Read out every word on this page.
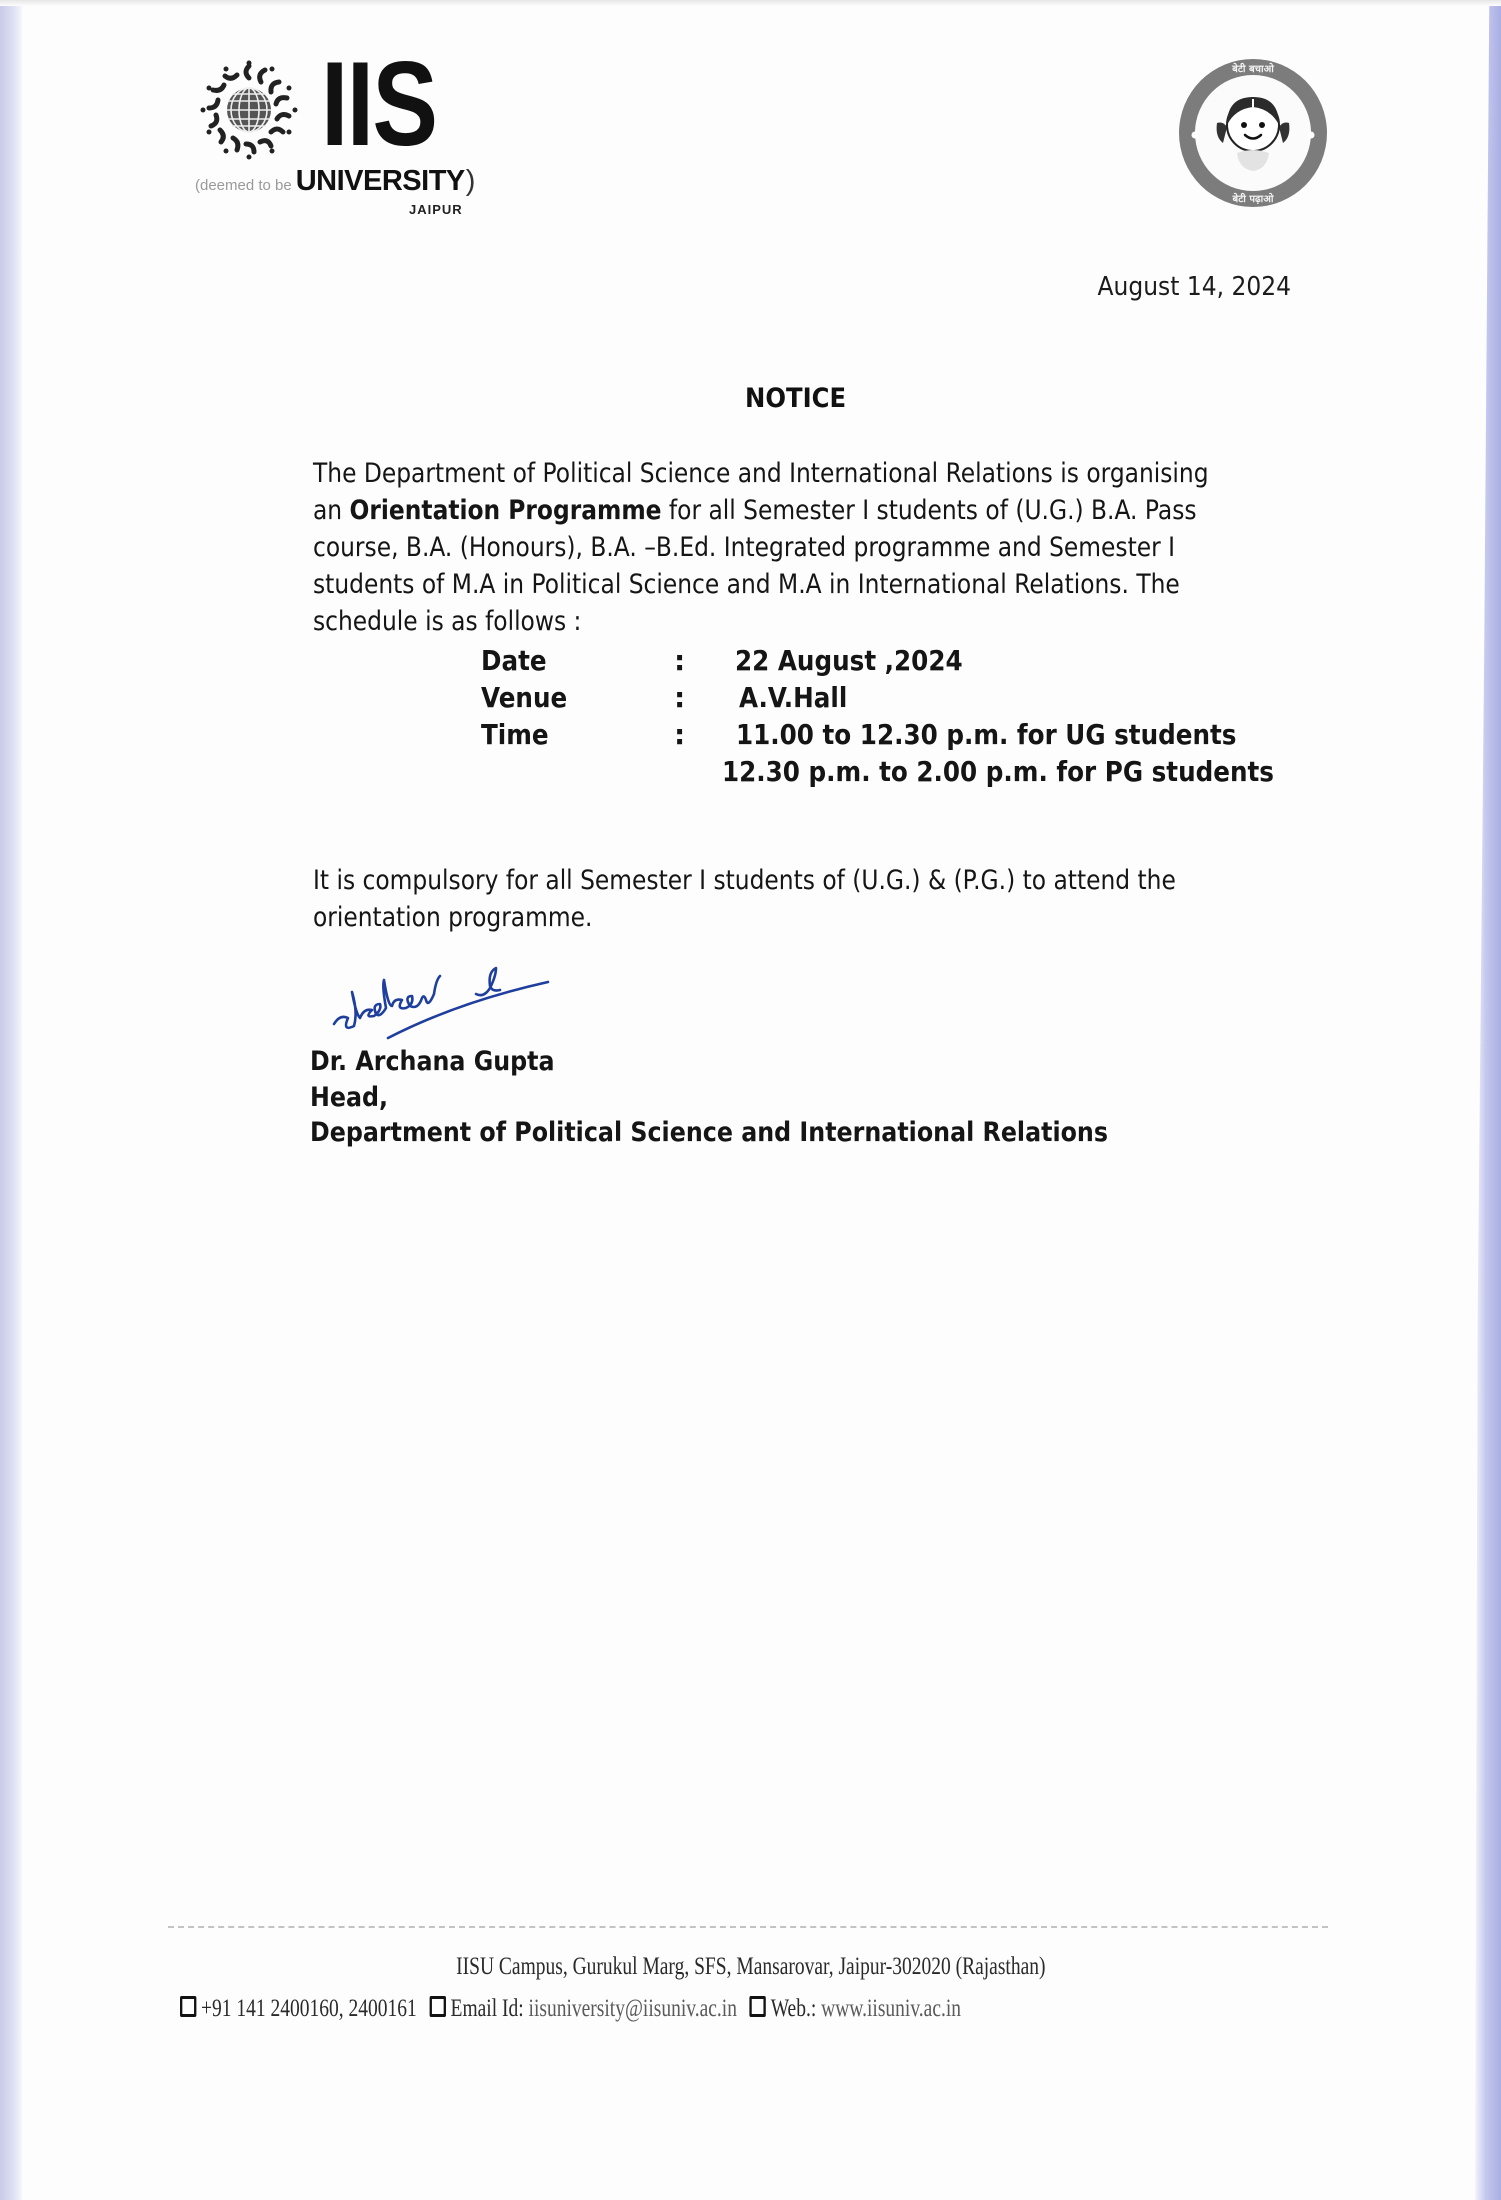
IIS
(deemed to be UNIVERSITY )
JAIPUR
बेटी बचाओ
बेटी पढ़ाओ
August 14, 2024
NOTICE
The Department of Political Science and International Relations is organising
an Orientation Programme for all Semester I students of (U.G.) B.A. Pass
course, B.A. (Honours), B.A. –B.Ed. Integrated programme and Semester I
students of M.A in Political Science and M.A in International Relations. The
schedule is as follows :
Date	: 22 August ,2024
Venue	: A.V.Hall
Time	: 11.00 to 12.30 p.m. for UG students
12.30 p.m. to 2.00 p.m. for PG students
It is compulsory for all Semester I students of (U.G.) & (P.G.) to attend the
orientation programme.
Dr. Archana Gupta
Head,
Department of Political Science and International Relations
IISU Campus, Gurukul Marg, SFS, Mansarovar, Jaipur-302020 (Rajasthan)
+91 141 2400160, 2400161 Email Id: iisuniversity@iisuniv.ac.in Web.: www.iisuniv.ac.in
